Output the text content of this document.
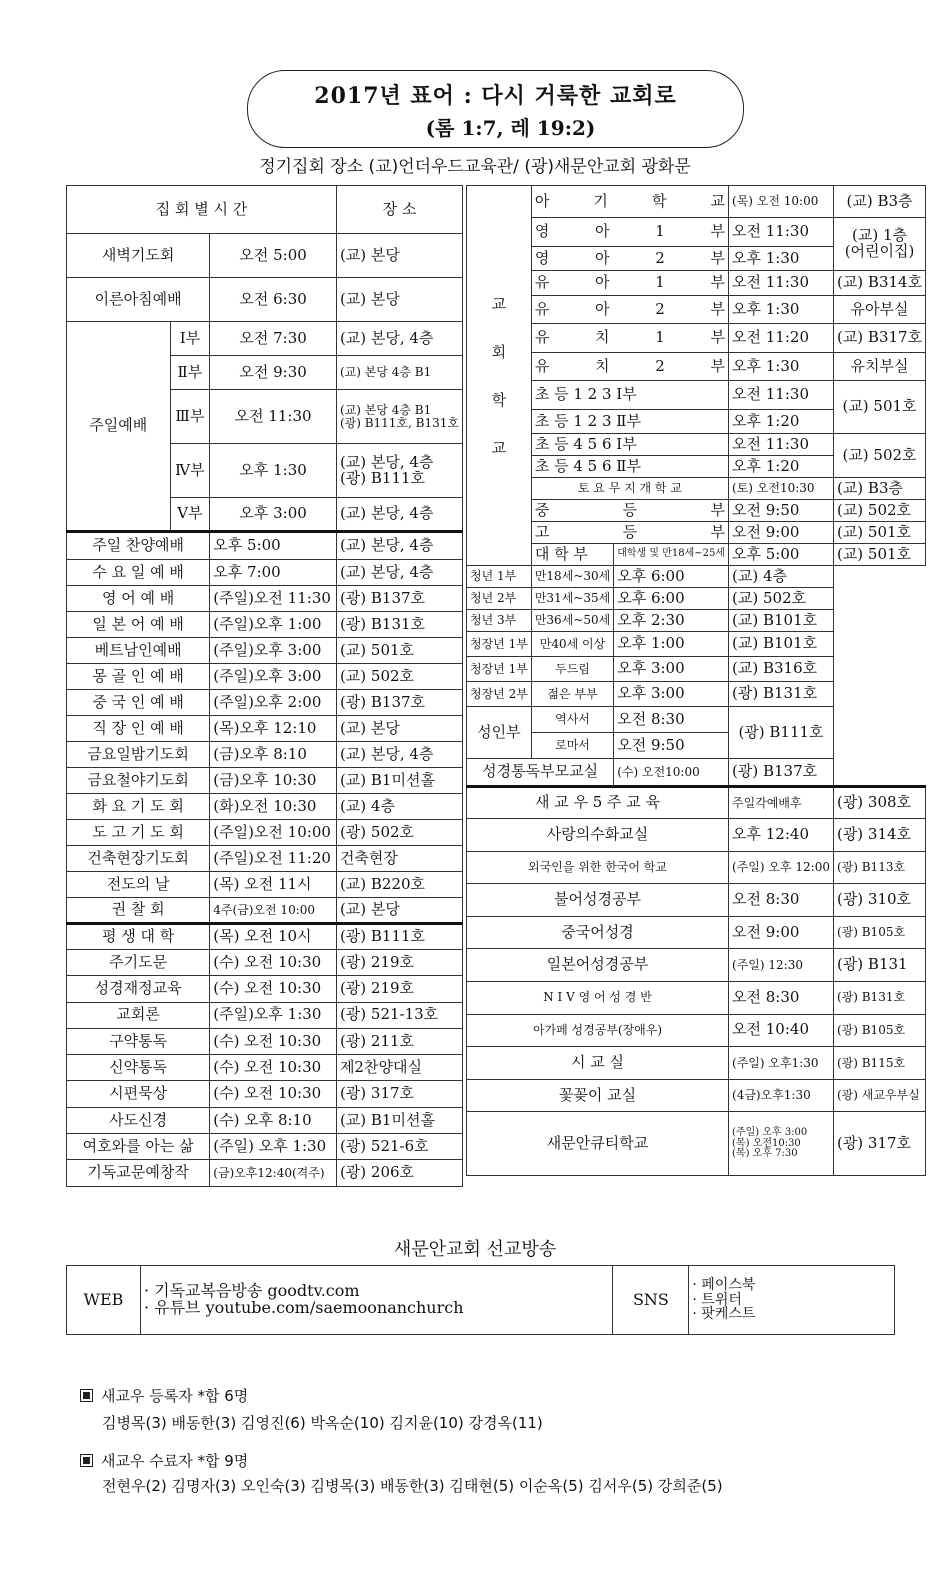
2017년 표어 : 다시 거룩한 교회로
(롬 1:7, 레 19:2)
정기집회 장소 (교)언더우드교육관/ (광)새문안교회 광화문
집 회 별 시 간			장 소
새벽기도회		오전 5:00	(교) 본당
이른아침예배		오전 6:30	(교) 본당
주일예배	Ⅰ부	오전 7:30	(교) 본당, 4층
	Ⅱ부	오전 9:30	(교) 본당 4층 B1
	Ⅲ부	오전 11:30	(교) 본당 4층 B1
(광) B111호, B131호

	Ⅳ부	오후 1:30	(교) 본당, 4층
(광) B111호

	Ⅴ부	오후 3:00	(교) 본당, 4층
주일 찬양예배		오후 5:00	(교) 본당, 4층
수 요 일 예 배		오후 7:00	(교) 본당, 4층
영 어 예 배		(주일)오전 11:30	(광) B137호
일 본 어 예 배		(주일)오후 1:00	(광) B131호
베트남인예배		(주일)오후 3:00	(교) 501호
몽 골 인 예 배		(주일)오후 3:00	(교) 502호
중 국 인 예 배		(주일)오후 2:00	(광) B137호
직 장 인 예 배		(목)오후 12:10	(교) 본당
금요일밤기도회		(금)오후 8:10	(교) 본당, 4층
금요철야기도회		(금)오후 10:30	(교) B1미션홀
화 요 기 도 회		(화)오전 10:30	(교) 4층
도 고 기 도 회		(주일)오전 10:00	(광) 502호
건축현장기도회		(주일)오전 11:20	건축현장
전도의 날		(목) 오전 11시	(교) B220호
권 찰 회		4주(금)오전 10:00	(교) 본당
평 생 대 학		(목) 오전 10시	(광) B111호
주기도문		(수) 오전 10:30	(광) 219호
성경재정교육		(수) 오전 10:30	(광) 219호
교회론		(주일)오후 1:30	(광) 521-13호
구약통독		(수) 오전 10:30	(광) 211호
신약통독		(수) 오전 10:30	제2찬양대실
시편묵상		(수) 오전 10:30	(광) 317호
사도신경		(수) 오후 8:10	(교) B1미션홀
여호와를 아는 삶		(주일) 오후 1:30	(광) 521-6호
기독교문예창작		(금)오후12:40(격주)	(광) 206호
교
회
학
교	아 기 학 교		(목) 오전 10:00	(교) B3층
	영 아 1 부		오전 11:30	(교) 1층
(어린이집)

	영 아 2 부		오후 1:30	
	유 아 1 부		오전 11:30	(교) B314호
	유 아 2 부		오후 1:30	유아부실
	유 치 1 부		오전 11:20	(교) B317호
	유 치 2 부		오후 1:30	유치부실
	초 등 1 2 3 Ⅰ부		오전 11:30	(교) 501호
	초 등 1 2 3 Ⅱ부		오후 1:20	
	초 등 4 5 6 Ⅰ부		오전 11:30	(교) 502호
	초 등 4 5 6 Ⅱ부		오후 1:20	
	토 요 무 지 개 학 교		(토) 오전10:30	(교) B3층
	중 등 부		오전 9:50	(교) 502호
	고 등 부		오전 9:00	(교) 501호
	대 학 부	대학생 및 만18세~25세	오후 5:00	(교) 501호
청년 1부	만18세~30세	오후 6:00	(교) 4층	
청년 2부	만31세~35세	오후 6:00	(교) 502호	
청년 3부	만36세~50세	오후 2:30	(교) B101호	
청장년 1부	만40세 이상	오후 1:00	(교) B101호	
청장년 1부	두드림	오후 3:00	(교) B316호	
청장년 2부	젊은 부부	오후 3:00	(광) B131호	
성인부	역사서	오전 8:30	(광) B111호	
	로마서	오전 9:50		
성경통독부모교실		(수) 오전10:00	(광) B137호	
새 교 우 5 주 교 육			주일각예배후	(광) 308호
사랑의수화교실			오후 12:40	(광) 314호
외국인을 위한 한국어 학교			(주일) 오후 12:00	(광) B113호
불어성경공부			오전 8:30	(광) 310호
중국어성경			오전 9:00	(광) B105호
일본어성경공부			(주일) 12:30	(광) B131
N I V 영 어 성 경 반			오전 8:30	(광) B131호
아가페 성경공부(장애우)			오전 10:40	(광) B105호
시 교 실			(주일) 오후1:30	(광) B115호
꽃꽂이 교실			(4금)오후1:30	(광) 새교우부실
새문안큐티학교			(주일) 오후 3:00
(목) 오전10:30
(목) 오후 7:30	(광) 317호
새문안교회 선교방송
WEB	· 기독교복음방송 goodtv.com
· 유튜브 youtube.com/saemoonanchurch	SNS	
· 페이스북
· 트위터
· 팟케스트
새교우 등록자 *합 6명
김병목(3) 배동한(3) 김영진(6) 박옥순(10) 김지윤(10) 강경옥(11)
새교우 수료자 *합 9명
전현우(2) 김명자(3) 오인숙(3) 김병목(3) 배동한(3) 김태현(5) 이순옥(5) 김서우(5) 강희준(5)
